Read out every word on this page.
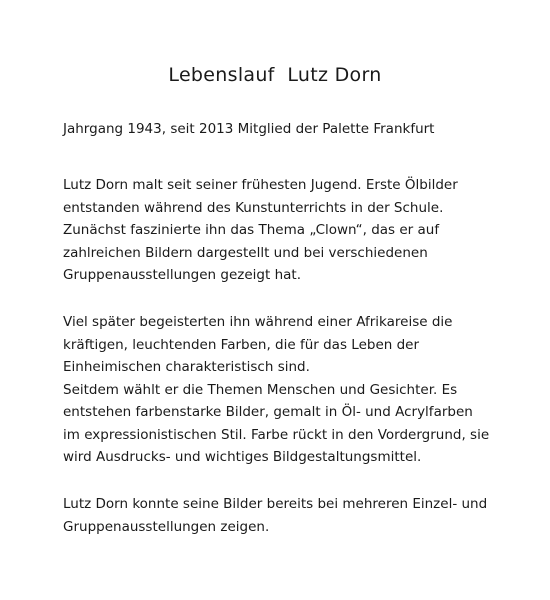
Lebenslauf  Lutz Dorn
Jahrgang 1943, seit 2013 Mitglied der Palette Frankfurt
Lutz Dorn malt seit seiner frühesten Jugend. Erste Ölbilder
entstanden während des Kunstunterrichts in der Schule.
Zunächst faszinierte ihn das Thema „Clown“, das er auf
zahlreichen Bildern dargestellt und bei verschiedenen
Gruppenausstellungen gezeigt hat.
Viel später begeisterten ihn während einer Afrikareise die
kräftigen, leuchtenden Farben, die für das Leben der
Einheimischen charakteristisch sind.
Seitdem wählt er die Themen Menschen und Gesichter. Es
entstehen farbenstarke Bilder, gemalt in Öl- und Acrylfarben
im expressionistischen Stil. Farbe rückt in den Vordergrund, sie
wird Ausdrucks- und wichtiges Bildgestaltungsmittel.
Lutz Dorn konnte seine Bilder bereits bei mehreren Einzel- und
Gruppenausstellungen zeigen.
